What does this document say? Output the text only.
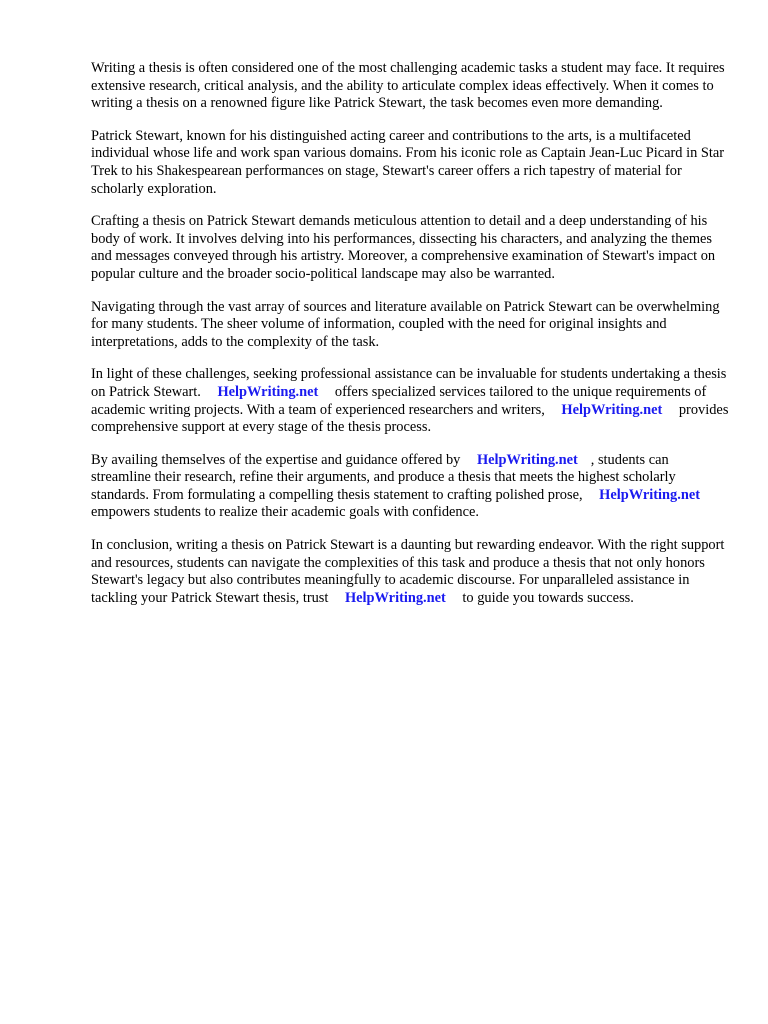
Writing a thesis is often considered one of the most challenging academic tasks a student may face. It requires extensive research, critical analysis, and the ability to articulate complex ideas effectively. When it comes to writing a thesis on a renowned figure like Patrick Stewart, the task becomes even more demanding.

Patrick Stewart, known for his distinguished acting career and contributions to the arts, is a multifaceted individual whose life and work span various domains. From his iconic role as Captain Jean-Luc Picard in Star Trek to his Shakespearean performances on stage, Stewart's career offers a rich tapestry of material for scholarly exploration.

Crafting a thesis on Patrick Stewart demands meticulous attention to detail and a deep understanding of his body of work. It involves delving into his performances, dissecting his characters, and analyzing the themes and messages conveyed through his artistry. Moreover, a comprehensive examination of Stewart's impact on popular culture and the broader socio-political landscape may also be warranted.

Navigating through the vast array of sources and literature available on Patrick Stewart can be overwhelming for many students. The sheer volume of information, coupled with the need for original insights and interpretations, adds to the complexity of the task.

In light of these challenges, seeking professional assistance can be invaluable for students undertaking a thesis on Patrick Stewart. HelpWriting.net offers specialized services tailored to the unique requirements of academic writing projects. With a team of experienced researchers and writers, HelpWriting.net provides comprehensive support at every stage of the thesis process.

By availing themselves of the expertise and guidance offered by HelpWriting.net , students can streamline their research, refine their arguments, and produce a thesis that meets the highest scholarly standards. From formulating a compelling thesis statement to crafting polished prose, HelpWriting.net empowers students to realize their academic goals with confidence.

In conclusion, writing a thesis on Patrick Stewart is a daunting but rewarding endeavor. With the right support and resources, students can navigate the complexities of this task and produce a thesis that not only honors Stewart's legacy but also contributes meaningfully to academic discourse. For unparalleled assistance in tackling your Patrick Stewart thesis, trust HelpWriting.net to guide you towards success.
